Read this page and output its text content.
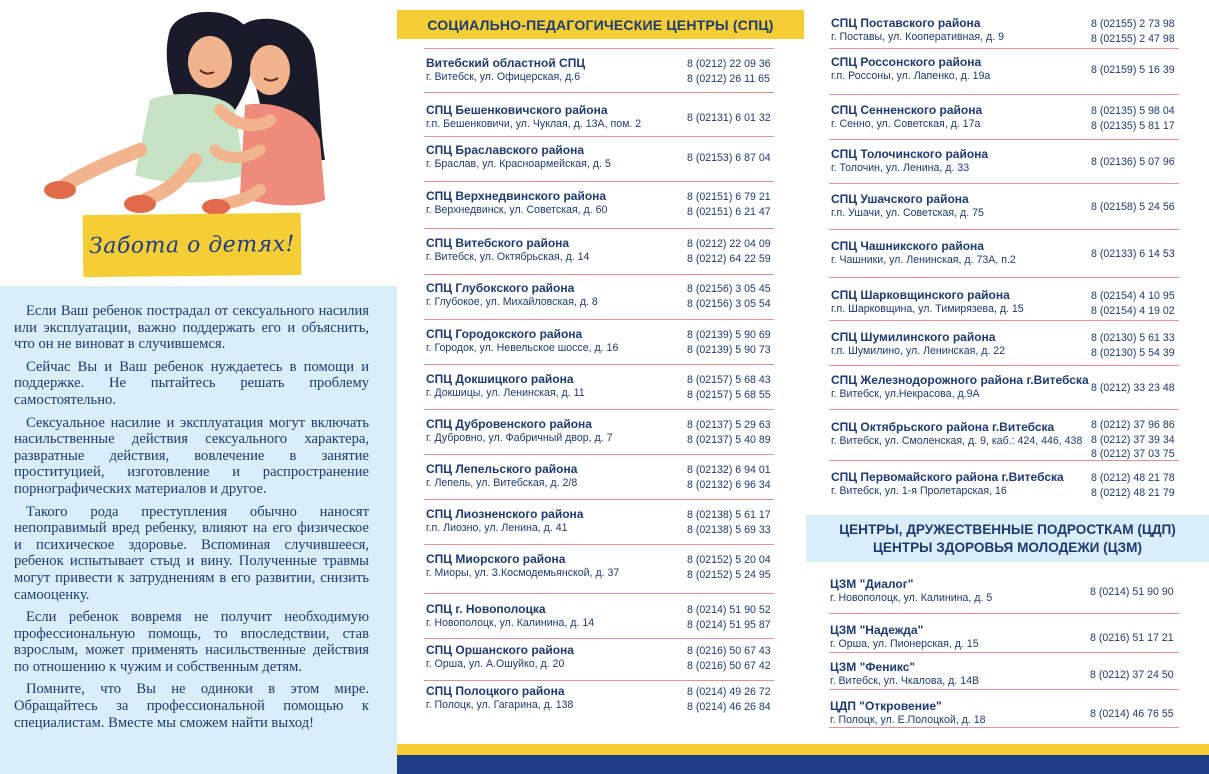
Забота о детях!

Если Ваш ребенок пострадал от сексуального насилия или эксплуатации, важно поддержать его и объяснить, что он не виноват в случившемся.

Сейчас Вы и Ваш ребенок нуждаетесь в помощи и поддержке. Не пытайтесь решать проблему самостоятельно.

Сексуальное насилие и эксплуатация могут включать насильственные действия сексуального характера, развратные действия, вовлечение в занятие проституцией, изготовление и распространение порнографических материалов и другое.

Такого рода преступления обычно наносят непоправимый вред ребенку, влияют на его физическое и психическое здоровье. Вспоминая случившееся, ребенок испытывает стыд и вину. Полученные травмы могут привести к затруднениям в его развитии, снизить самооценку.

Если ребенок вовремя не получит необходимую профессиональную помощь, то впоследствии, став взрослым, может применять насильственные действия по отношению к чужим и собственным детям.

Помните, что Вы не одиноки в этом мире. Обращайтесь за профессиональной помощью к специалистам. Вместе мы сможем найти выход!

СОЦИАЛЬНО-ПЕДАГОГИЧЕСКИЕ ЦЕНТРЫ (СПЦ)
ЦЕНТРЫ, ДРУЖЕСТВЕННЫЕ ПОДРОСТКАМ (ЦДП)
ЦЕНТРЫ ЗДОРОВЬЯ МОЛОДЕЖИ (ЦЗМ)
Витебский областной СПЦ
г. Витебск, ул. Офицерская, д.6
8 (0212) 22 09 36
8 (0212) 26 11 65
СПЦ Бешенковичского района
г.п. Бешенковичи, ул. Чуклая, д. 13А, пом. 2	8 (02131) 6 01 32
СПЦ Браславского района
г. Браслав, ул. Красноармейская, д. 5	8 (02153) 6 87 04
СПЦ Верхнедвинского района
г. Верхнедвинск, ул. Советская, д. 60
8 (02151) 6 79 21
8 (02151) 6 21 47
СПЦ Витебского района
г. Витебск, ул. Октябрьская, д. 14
8 (0212) 22 04 09
8 (0212) 64 22 59
СПЦ Глубокского района
г. Глубокое, ул. Михайловская, д. 8
8 (02156) 3 05 45
8 (02156) 3 05 54
СПЦ Городокского района
г. Городок, ул. Невельское шоссе, д. 16
8 (02139) 5 90 69
8 (02139) 5 90 73
СПЦ Докшицкого района
г. Докшицы, ул. Ленинская, д. 11
8 (02157) 5 68 43
8 (02157) 5 68 55
СПЦ Дубровенского района
г. Дубровно, ул. Фабричный двор, д. 7
8 (02137) 5 29 63
8 (02137) 5 40 89
СПЦ Лепельского района
г. Лепель, ул. Витебская, д. 2/8
8 (02132) 6 94 01
8 (02132) 6 96 34
СПЦ Лиозненского района
г.п. Лиозно, ул. Ленина, д. 41
8 (02138) 5 61 17
8 (02138) 5 69 33
СПЦ Миорского района
г. Миоры, ул. З.Космодемьянской, д. 37
8 (02152) 5 20 04
8 (02152) 5 24 95
СПЦ г. Новополоцка
г. Новополоцк, ул. Калинина, д. 14
8 (0214) 51 90 52
8 (0214) 51 95 87
СПЦ Оршанского района
г. Орша, ул. А.Ошуйко, д. 20
8 (0216) 50 67 43
8 (0216) 50 67 42
СПЦ Полоцкого района
г. Полоцк, ул. Гагарина, д. 138
8 (0214) 49 26 72
8 (0214) 46 26 84
СПЦ Поставского района
г. Поставы, ул. Кооперативная, д. 9
8 (02155) 2 73 98
8 (02155) 2 47 98
СПЦ Россонского района
г.п. Россоны, ул. Лапенко, д. 19а	8 (02159) 5 16 39
СПЦ Сенненского района
г. Сенно, ул. Советская, д. 17а
8 (02135) 5 98 04
8 (02135) 5 81 17
СПЦ Толочинского района
г. Толочин, ул. Ленина, д. 33	8 (02136) 5 07 96
СПЦ Ушачского района
г.п. Ушачи, ул. Советская, д. 75	8 (02158) 5 24 56
СПЦ Чашникского района
г. Чашники, ул. Ленинская, д. 73А, п.2	8 (02133) 6 14 53
СПЦ Шарковщинского района
г.п. Шарковщина, ул. Тимирязева, д. 15
8 (02154) 4 10 95
8 (02154) 4 19 02
СПЦ Шумилинского района
г.п. Шумилино, ул. Ленинская, д. 22
8 (02130) 5 61 33
8 (02130) 5 54 39
СПЦ Железнодорожного района г.Витебска
г. Витебск, ул.Некрасова, д.9А	8 (0212) 33 23 48
СПЦ Октябрьского района г.Витебска
г. Витебск, ул. Смоленская, д. 9, каб.: 424, 446, 438
8 (0212) 37 96 86
8 (0212) 37 39 34
8 (0212) 37 03 75
СПЦ Первомайского района г.Витебска
г. Витебск, ул. 1-я Пролетарская, 16
8 (0212) 48 21 78
8 (0212) 48 21 79
ЦЗМ "Диалог"
г. Новополоцк, ул. Калинина, д. 5	8 (0214) 51 90 90
ЦЗМ "Надежда"
г. Орша, ул. Пионерская, д. 15	8 (0216) 51 17 21
ЦЗМ "Феникс"
г. Витебск, ул. Чкалова, д. 14В	8 (0212) 37 24 50
ЦДП "Откровение"
г. Полоцк, ул. Е.Полоцкой, д. 18	8 (0214) 46 76 55
